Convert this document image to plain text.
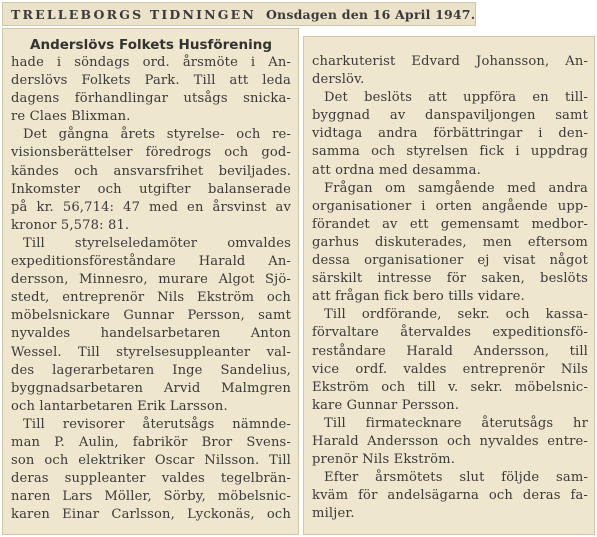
TRELLEBORGS TIDNINGEN Onsdagen den 16 April 1947.
Anderslövs Folkets Husförening
hade i söndags ord. årsmöte i An-
derslövs Folkets Park. Till att leda
dagens förhandlingar utsågs snicka-
re Claes Blixman.
Det gångna årets styrelse- och re-
visionsberättelser föredrogs och god-
kändes och ansvarsfrihet beviljades.
Inkomster och utgifter balanserade
på kr. 56,714: 47 med en årsvinst av
kronor 5,578: 81.
Till styrelseledamöter omvaldes
expeditionsföreståndare Harald An-
dersson, Minnesro, murare Algot Sjö-
stedt, entreprenör Nils Ekström och
möbelsnickare Gunnar Persson, samt
nyvaldes handelsarbetaren Anton
Wessel. Till styrelsesuppleanter val-
des lagerarbetaren Inge Sandelius,
byggnadsarbetaren Arvid Malmgren
och lantarbetaren Erik Larsson.
Till revisorer återutsågs nämnde-
man P. Aulin, fabrikör Bror Svens-
son och elektriker Oscar Nilsson. Till
deras suppleanter valdes tegelbrän-
naren Lars Möller, Sörby, möbelsnic-
karen Einar Carlsson, Lyckonäs, och
charkuterist Edvard Johansson, An-
derslöv.
Det beslöts att uppföra en till-
byggnad av danspaviljongen samt
vidtaga andra förbättringar i den-
samma och styrelsen fick i uppdrag
att ordna med desamma.
Frågan om samgående med andra
organisationer i orten angående upp-
förandet av ett gemensamt medbor-
garhus diskuterades, men eftersom
dessa organisationer ej visat något
särskilt intresse för saken, beslöts
att frågan fick bero tills vidare.
Till ordförande, sekr. och kassa-
förvaltare återvaldes expeditionsfö-
reståndare Harald Andersson, till
vice ordf. valdes entreprenör Nils
Ekström och till v. sekr. möbelsnic-
kare Gunnar Persson.
Till firmatecknare återutsågs hr
Harald Andersson och nyvaldes entre-
prenör Nils Ekström.
Efter årsmötets slut följde sam-
kväm för andelsägarna och deras fa-
miljer.
